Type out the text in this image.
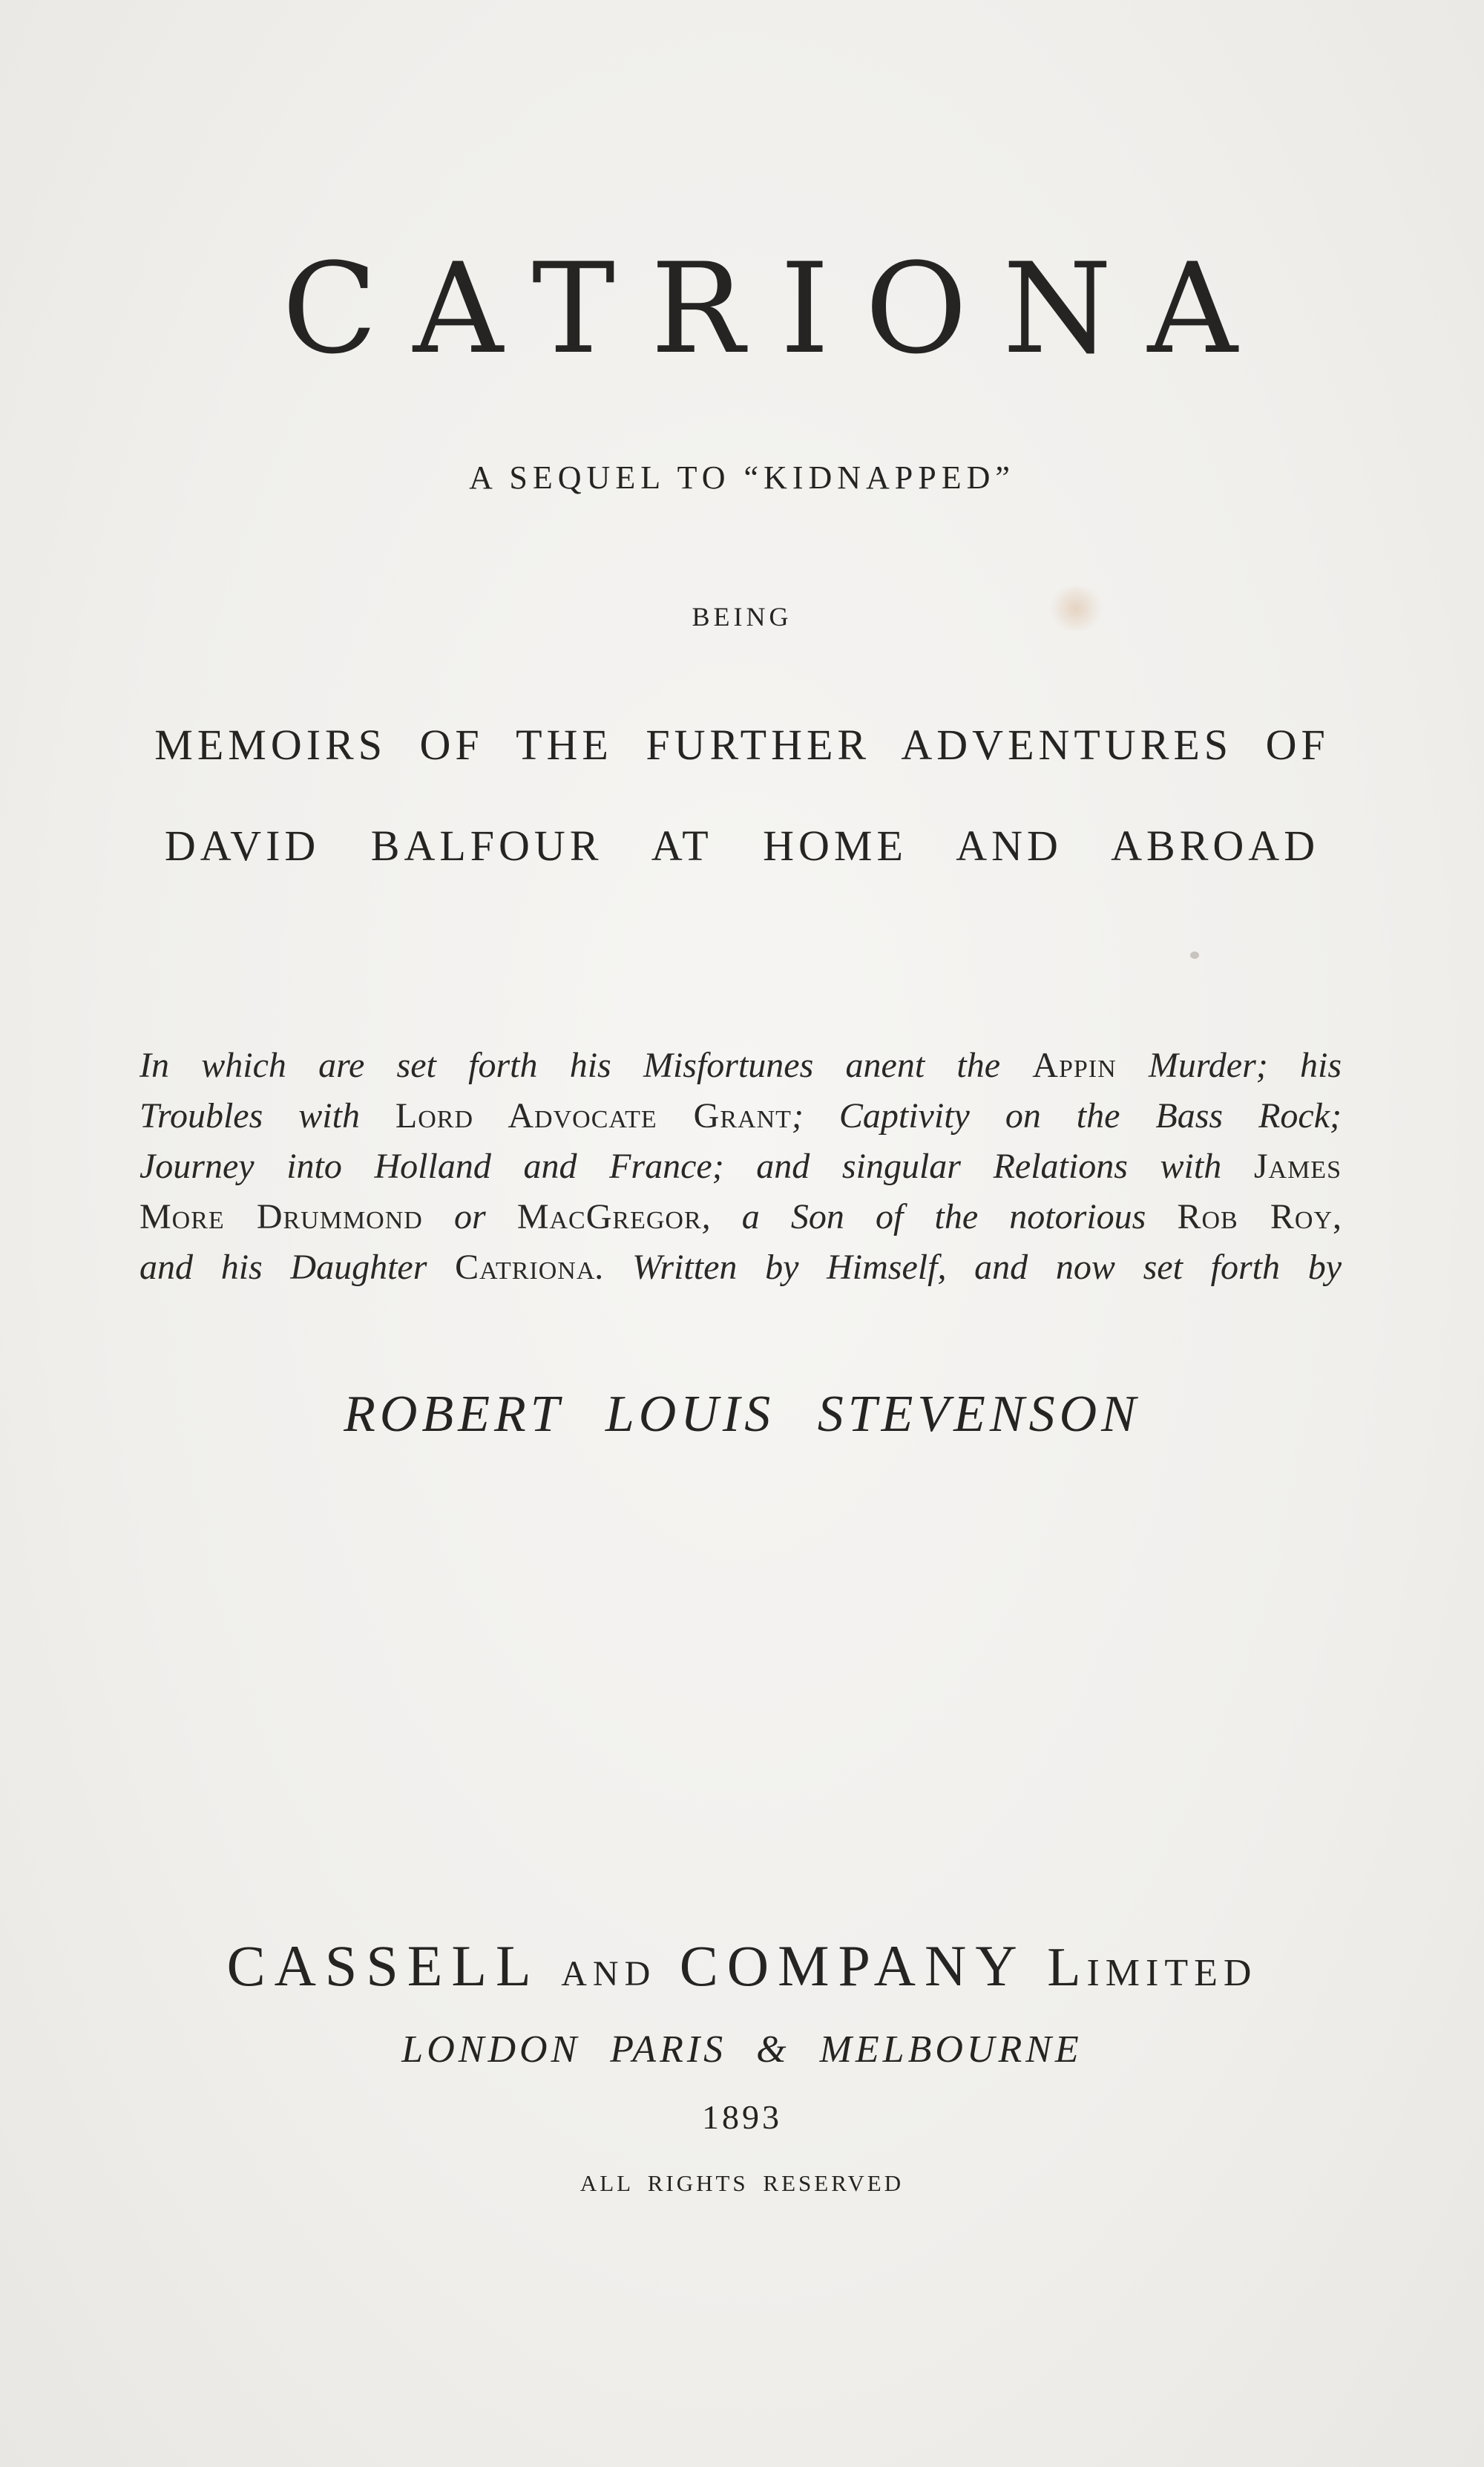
CATRIONA
A SEQUEL TO “KIDNAPPED”
BEING
MEMOIRS OF THE FURTHER ADVENTURES OF
DAVID BALFOUR AT HOME AND ABROAD
In which are set forth his Misfortunes anent the Appin Murder; his
Troubles with Lord Advocate Grant; Captivity on the Bass Rock;
Journey into Holland and France; and singular Relations with James
More Drummond or MacGregor, a Son of the notorious Rob Roy,
and his Daughter Catriona. Written by Himself, and now set forth by
ROBERT LOUIS STEVENSON
CASSELL AND COMPANY Limited
LONDON PARIS & MELBOURNE
1893
ALL RIGHTS RESERVED
